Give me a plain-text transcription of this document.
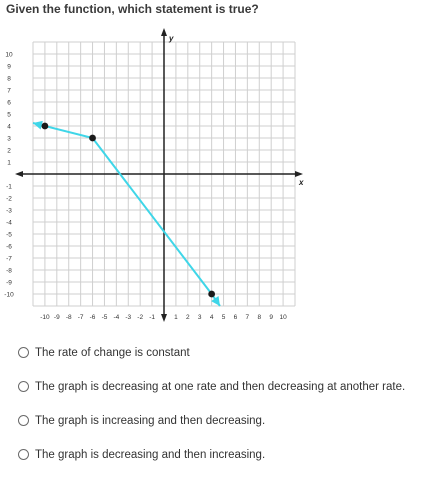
Given the function, which statement is true?
x
y
10
9
8
7
6
5
4
3
2
1
-1
-2
-3
-4
-5
-6
-7
-8
-9
-10
-10 -9 -8 -7 -6 -5 -4 -3 -2 -1	1 2 3 4 5 6 7 8 9 10
The rate of change is constant
The graph is decreasing at one rate and then decreasing at another rate.
The graph is increasing and then decreasing.
The graph is decreasing and then increasing.
